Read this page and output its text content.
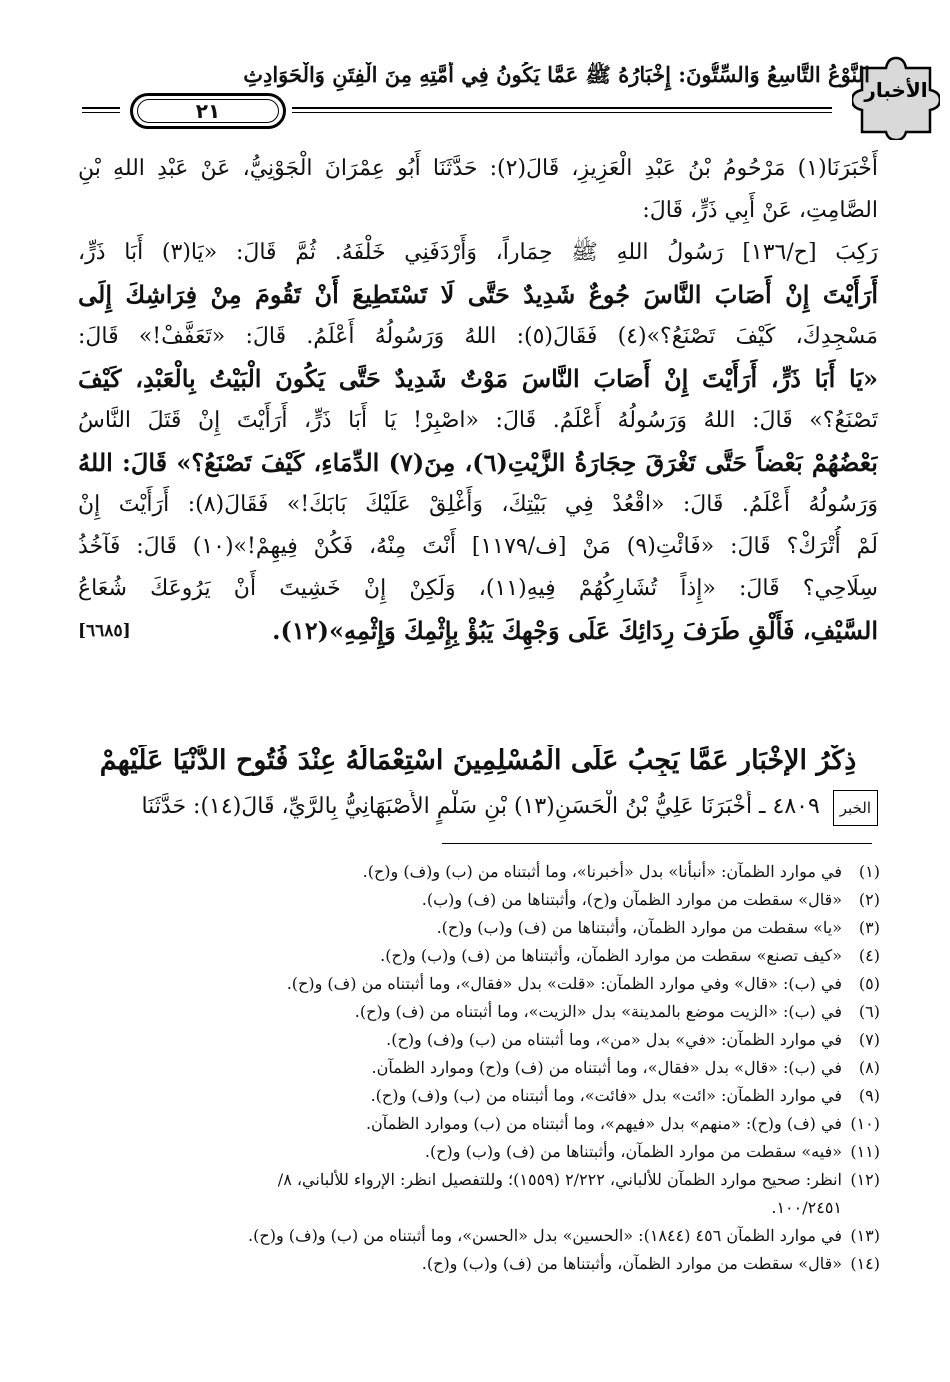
الأخبار
النَّوْعُ التَّاسِعُ وَالسِّتُّونَ: إِخْبَارُهُ ﷺ عَمَّا يَكُونُ فِي أُمَّتِهِ مِنَ الْفِتَنِ وَالْحَوَادِثِ
٢١
أَخْبَرَنَا(١) مَرْحُومُ بْنُ عَبْدِ الْعَزِيزِ، قَالَ(٢): حَدَّثَنَا أَبُو عِمْرَانَ الْجَوْنِيُّ، عَنْ عَبْدِ اللهِ بْنِ
الصَّامِتِ، عَنْ أَبِي ذَرٍّ، قَالَ:
رَكِبَ [ح/١٣٦] رَسُولُ اللهِ ﷺ حِمَاراً، وَأَرْدَفَنِي خَلْفَهُ. ثُمَّ قَالَ: «يَا(٣) أَبَا ذَرٍّ،
أَرَأَيْتَ إِنْ أَصَابَ النَّاسَ جُوعٌ شَدِيدٌ حَتَّى لَا تَسْتَطِيعَ أَنْ تَقُومَ مِنْ فِرَاشِكَ إِلَى
مَسْجِدِكَ، كَيْفَ تَصْنَعُ؟»(٤) فَقَالَ(٥): اللهُ وَرَسُولُهُ أَعْلَمُ. قَالَ: «تَعَفَّفْ!» قَالَ:
«يَا أَبَا ذَرٍّ، أَرَأَيْتَ إِنْ أَصَابَ النَّاسَ مَوْتٌ شَدِيدٌ حَتَّى يَكُونَ الْبَيْتُ بِالْعَبْدِ، كَيْفَ
تَصْنَعُ؟» قَالَ: اللهُ وَرَسُولُهُ أَعْلَمُ. قَالَ: «اصْبِرْ! يَا أَبَا ذَرٍّ، أَرَأَيْتَ إِنْ قَتَلَ النَّاسُ
بَعْضُهُمْ بَعْضاً حَتَّى تَغْرَقَ حِجَارَةُ الزَّيْتِ(٦)، مِنَ(٧) الدِّمَاءِ، كَيْفَ تَصْنَعُ؟» قَالَ: اللهُ
وَرَسُولُهُ أَعْلَمُ. قَالَ: «اقْعُدْ فِي بَيْتِكَ، وَأَغْلِقْ عَلَيْكَ بَابَكَ!» فَقَالَ(٨): أَرَأَيْتَ إِنْ
لَمْ أُتْرَكْ؟ قَالَ: «فَائْتِ(٩) مَنْ [ف/١١٧٩] أَنْتَ مِنْهُ، فَكُنْ فِيهِمْ!»(١٠) قَالَ: فَآخُذُ
سِلَاحِي؟ قَالَ: «إِذاً تُشَارِكُهُمْ فِيهِ(١١)، وَلَكِنْ إِنْ خَشِيتَ أَنْ يَرُوعَكَ شُعَاعُ
السَّيْفِ، فَأَلْقِ طَرَفَ رِدَائِكَ عَلَى وَجْهِكَ يَبُؤْ بِإِثْمِكَ وَإِثْمِهِ»(١٢).
[٦٦٨٥]
ذِكْرُ الإِخْبَارِ عَمَّا يَجِبُ عَلَى الْمُسْلِمِينَ اسْتِعْمَالُهُ عِنْدَ فُتُوحِ الدُّنْيَا عَلَيْهِمْ
الخبر ٤٨٠٩ ـ أَخْبَرَنَا عَلِيُّ بْنُ الْحَسَنِ(١٣) بْنِ سَلْمٍ الأَصْبَهَانِيُّ بِالرَّيِّ، قَالَ(١٤): حَدَّثَنَا
(١)في موارد الظمآن: «أنبأنا» بدل «أخبرنا»، وما أثبتناه من (ب) و(ف) و(ح).
(٢)«قال» سقطت من موارد الظمآن و(ح)، وأثبتناها من (ف) و(ب).
(٣)«يا» سقطت من موارد الظمآن، وأثبتناها من (ف) و(ب) و(ح).
(٤)«كيف تصنع» سقطت من موارد الظمآن، وأثبتناها من (ف) و(ب) و(ح).
(٥)في (ب): «قال» وفي موارد الظمآن: «قلت» بدل «فقال»، وما أثبتناه من (ف) و(ح).
(٦)في (ب): «الزيت موضع بالمدينة» بدل «الزيت»، وما أثبتناه من (ف) و(ح).
(٧)في موارد الظمآن: «في» بدل «من»، وما أثبتناه من (ب) و(ف) و(ح).
(٨)في (ب): «قال» بدل «فقال»، وما أثبتناه من (ف) و(ح) وموارد الظمآن.
(٩)في موارد الظمآن: «ائت» بدل «فائت»، وما أثبتناه من (ب) و(ف) و(ح).
(١٠)في (ف) و(ح): «منهم» بدل «فيهم»، وما أثبتناه من (ب) وموارد الظمآن.
(١١)«فيه» سقطت من موارد الظمآن، وأثبتناها من (ف) و(ب) و(ح).
(١٢)انظر: صحيح موارد الظمآن للألباني، ٢/٢٢٢ (١٥٥٩)؛ وللتفصيل انظر: الإرواء للألباني، ٨/
١٠٠/٢٤٥١.
(١٣)في موارد الظمآن ٤٥٦ (١٨٤٤): «الحسين» بدل «الحسن»، وما أثبتناه من (ب) و(ف) و(ح).
(١٤)«قال» سقطت من موارد الظمآن، وأثبتناها من (ف) و(ب) و(ح).
